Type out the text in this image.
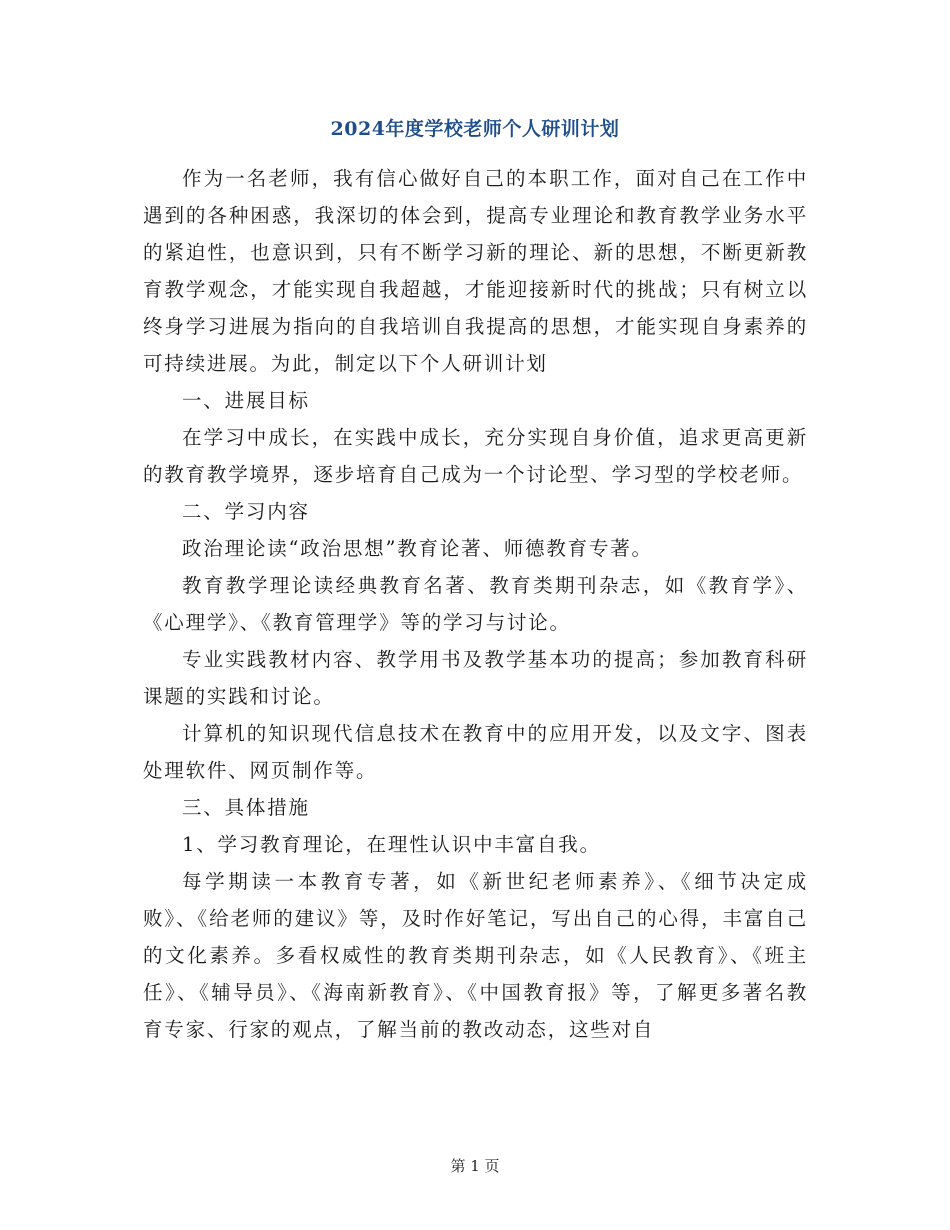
2024年度学校老师个人研训计划

作为一名老师，我有信心做好自己的本职工作，面对自己在工作中遇到的各种困惑，我深切的体会到，提高专业理论和教育教学业务水平的紧迫性，也意识到，只有不断学习新的理论、新的思想，不断更新教育教学观念，才能实现自我超越，才能迎接新时代的挑战；只有树立以终身学习进展为指向的自我培训自我提高的思想，才能实现自身素养的可持续进展。为此，制定以下个人研训计划

一、进展目标

在学习中成长，在实践中成长，充分实现自身价值，追求更高更新的教育教学境界，逐步培育自己成为一个讨论型、学习型的学校老师。

二、学习内容

政治理论读“政治思想”教育论著、师德教育专著。

教育教学理论读经典教育名著、教育类期刊杂志，如《教育学》、《心理学》、《教育管理学》等的学习与讨论。

专业实践教材内容、教学用书及教学基本功的提高；参加教育科研课题的实践和讨论。

计算机的知识现代信息技术在教育中的应用开发，以及文字、图表处理软件、网页制作等。

三、具体措施

1、学习教育理论，在理性认识中丰富自我。

每学期读一本教育专著，如《新世纪老师素养》、《细节决定成败》、《给老师的建议》等，及时作好笔记，写出自己的心得，丰富自己的文化素养。多看权威性的教育类期刊杂志，如《人民教育》、《班主任》、《辅导员》、《海南新教育》、《中国教育报》等，了解更多著名教育专家、行家的观点，了解当前的教改动态，这些对自

第 1 页
